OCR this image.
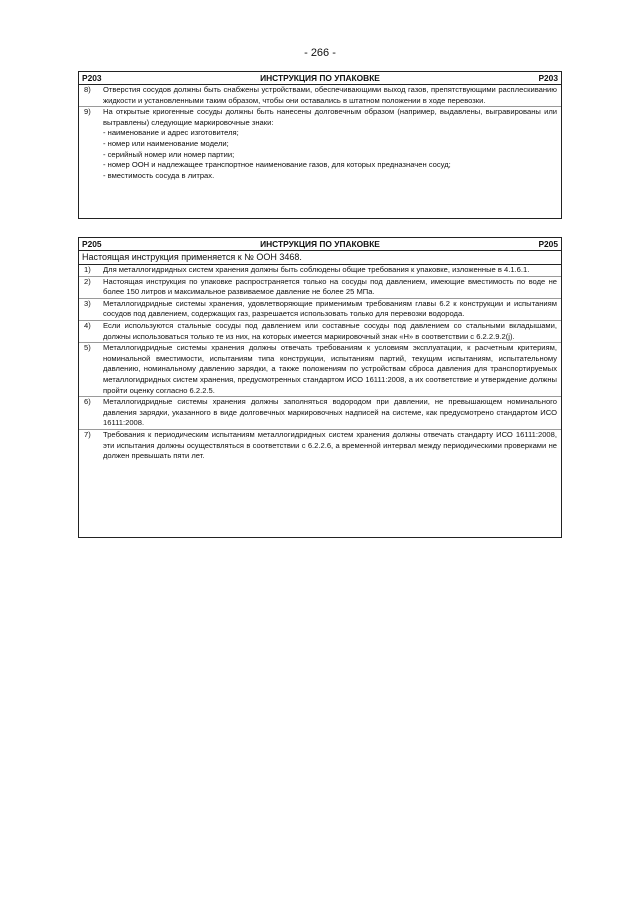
- 266 -
P203	ИНСТРУКЦИЯ ПО УПАКОВКЕ	P203
8)	Отверстия сосудов должны быть снабжены устройствами, обеспечивающими выход газов, препятствующими расплескиванию жидкости и установленными таким образом, чтобы они оставались в штатном положении в ходе перевозки.
9)	На открытые криогенные сосуды должны быть нанесены долговечным образом (например, выдавлены, выгравированы или вытравлены) следующие маркировочные знаки:
- наименование и адрес изготовителя;
- номер или наименование модели;
- серийный номер или номер партии;
- номер ООН и надлежащее транспортное наименование газов, для которых предназначен сосуд;
- вместимость сосуда в литрах.
P205	ИНСТРУКЦИЯ ПО УПАКОВКЕ	P205
Настоящая инструкция применяется к № ООН 3468.
1)	Для металлогидридных систем хранения должны быть соблюдены общие требования к упаковке, изложенные в 4.1.6.1.
2)	Настоящая инструкция по упаковке распространяется только на сосуды под давлением, имеющие вместимость по воде не более 150 литров и максимальное развиваемое давление не более 25 МПа.
3)	Металлогидридные системы хранения, удовлетворяющие применимым требованиям главы 6.2 к конструкции и испытаниям сосудов под давлением, содержащих газ, разрешается использовать только для перевозки водорода.
4)	Если используются стальные сосуды под давлением или составные сосуды под давлением со стальными вкладышами, должны использоваться только те из них, на которых имеется маркировочный знак «H» в соответствии с 6.2.2.9.2(j).
5)	Металлогидридные системы хранения должны отвечать требованиям к условиям эксплуатации, к расчетным критериям, номинальной вместимости, испытаниям типа конструкции, испытаниям партий, текущим испытаниям, испытательному давлению, номинальному давлению зарядки, а также положениям по устройствам сброса давления для транспортируемых металлогидридных систем хранения, предусмотренных стандартом ИСО 16111:2008, а их соответствие и утверждение должны пройти оценку согласно 6.2.2.5.
6)	Металлогидридные системы хранения должны заполняться водородом при давлении, не превышающем номинального давления зарядки, указанного в виде долговечных маркировочных надписей на системе, как предусмотрено стандартом ИСО 16111:2008.
7)	Требования к периодическим испытаниям металлогидридных систем хранения должны отвечать стандарту ИСО 16111:2008, эти испытания должны осуществляться в соответствии с 6.2.2.6, а временной интервал между периодическими проверками не должен превышать пяти лет.
